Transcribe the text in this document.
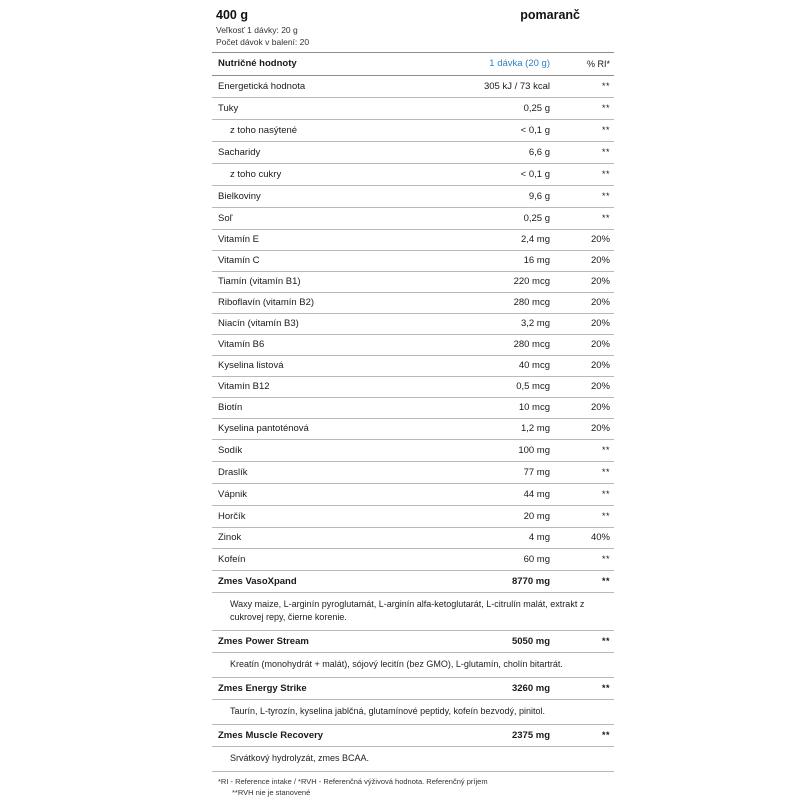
400 g	pomaranč
Veľkosť 1 dávky: 20 g
Počet dávok v balení: 20
Nutričné hodnoty	1 dávka (20 g)	% RI*
Energetická hodnota	305 kJ / 73 kcal	**
Tuky	0,25 g	**
z toho nasýtené	< 0,1 g	**
Sacharidy	6,6 g	**
z toho cukry	< 0,1 g	**
Bielkoviny	9,6 g	**
Soľ	0,25 g	**
Vitamín E	2,4 mg	20%
Vitamín C	16 mg	20%
Tiamín (vitamín B1)	220 mcg	20%
Riboflavín (vitamín B2)	280 mcg	20%
Niacín (vitamín B3)	3,2 mg	20%
Vitamín B6	280 mcg	20%
Kyselina listová	40 mcg	20%
Vitamín B12	0,5 mcg	20%
Biotín	10 mcg	20%
Kyselina pantoténová	1,2 mg	20%
Sodík	100 mg	**
Draslík	77 mg	**
Vápnik	44 mg	**
Horčík	20 mg	**
Zinok	4 mg	40%
Kofeín	60 mg	**
Zmes VasoXpand	8770 mg	**
Waxy maize, L-arginín pyroglutamát, L-arginín alfa-ketoglutarát, L-citrulín malát, extrakt z cukrovej repy, čierne korenie.		
Zmes Power Stream	5050 mg	**
Kreatín (monohydrát + malát), sójový lecitín (bez GMO), L-glutamín, cholín bitartrát.		
Zmes Energy Strike	3260 mg	**
Taurín, L-tyrozín, kyselina jablčná, glutamínové peptidy, kofeín bezvodý, pinitol.		
Zmes Muscle Recovery	2375 mg	**
Srvátkový hydrolyzát, zmes BCAA.		
*RI - Reference intake / *RVH - Referenčná výživová hodnota. Referenčný príjem
**RVH nie je stanovené
